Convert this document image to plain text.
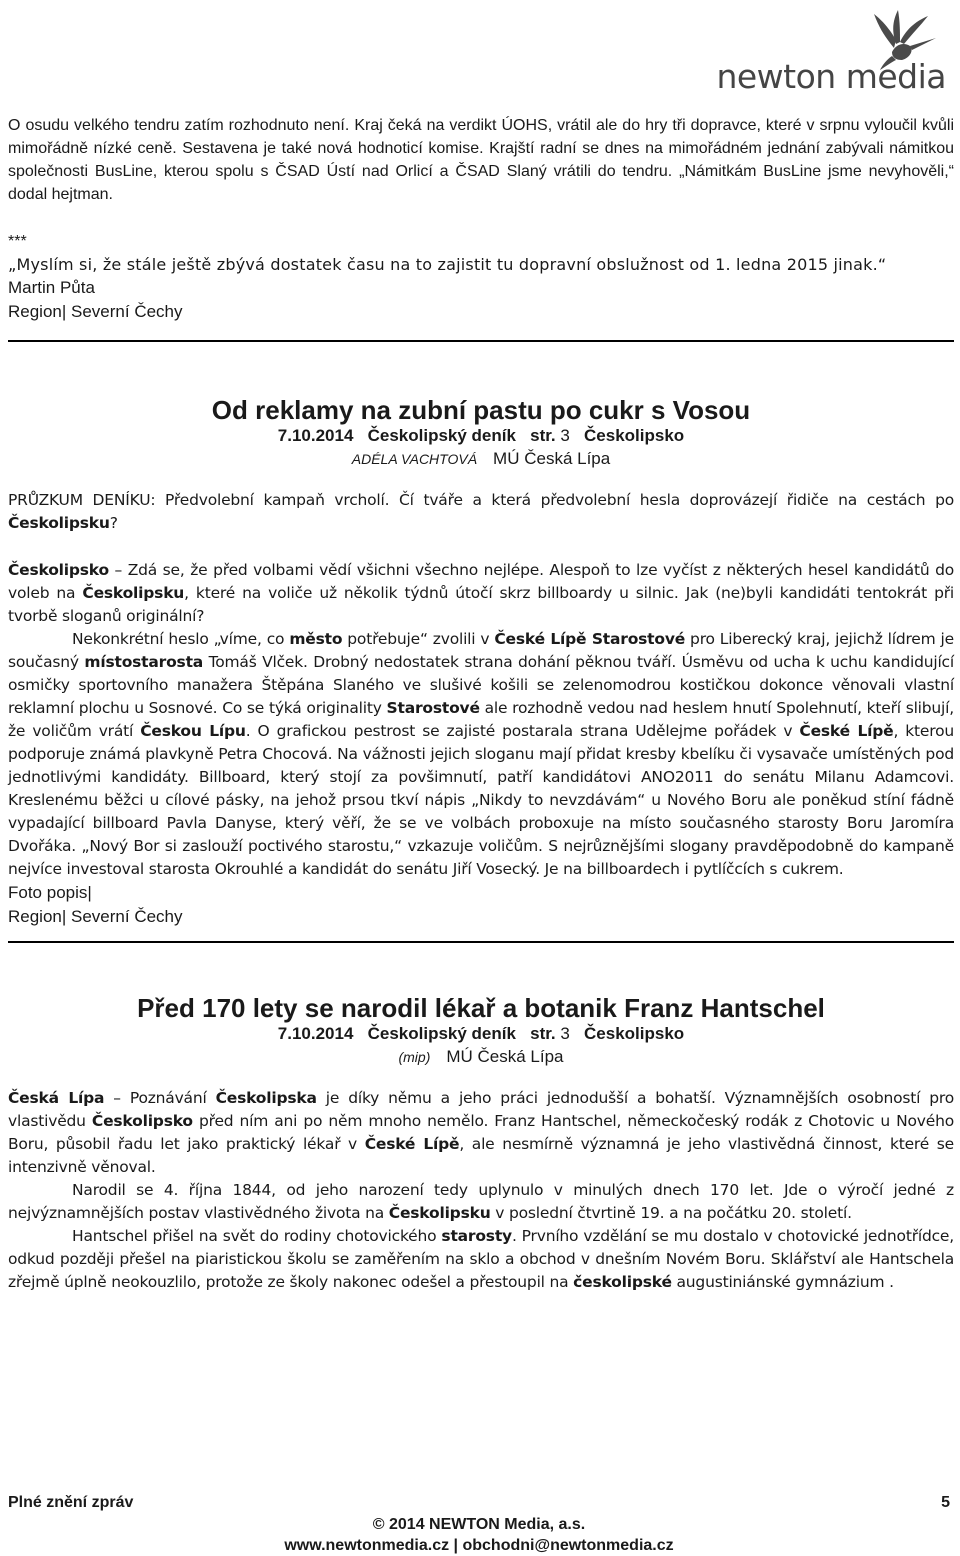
newton media

O osudu velkého tendru zatím rozhodnuto není. Kraj čeká na verdikt ÚOHS, vrátil ale do hry tři dopravce, které v srpnu vyloučil kvůli mimořádně nízké ceně. Sestavena je také nová hodnoticí komise. Krajští radní se dnes na mimořádném jednání zabývali námitkou společnosti BusLine, kterou spolu s ČSAD Ústí nad Orlicí a ČSAD Slaný vrátili do tendru. „Námitkám BusLine jsme nevyhověli,“ dodal hejtman.

***

„Myslím si, že stále ještě zbývá dostatek času na to zajistit tu dopravní obslužnost od 1. ledna 2015 jinak.“

Martin Půta

Region| Severní Čechy

Od reklamy na zubní pastu po cukr s Vosou

7.10.2014 Českolipský deník str. 3 Českolipsko

ADÉLA VACHTOVÁ MÚ Česká Lípa

PRŮZKUM DENÍKU: Předvolební kampaň vrcholí. Čí tváře a která předvolební hesla doprovázejí řidiče na cestách po Českolipsku?

Českolipsko – Zdá se, že před volbami vědí všichni všechno nejlépe. Alespoň to lze vyčíst z některých hesel kandidátů do voleb na Českolipsku, které na voliče už několik týdnů útočí skrz billboardy u silnic. Jak (ne)byli kandidáti tentokrát při tvorbě sloganů originální?

Nekonkrétní heslo „víme, co město potřebuje“ zvolili v České Lípě Starostové pro Liberecký kraj, jejichž lídrem je současný místostarosta Tomáš Vlček. Drobný nedostatek strana dohání pěknou tváří. Úsměvu od ucha k uchu kandidující osmičky sportovního manažera Štěpána Slaného ve slušivé košili se zelenomodrou kostičkou dokonce věnovali vlastní reklamní plochu u Sosnové. Co se týká originality Starostové ale rozhodně vedou nad heslem hnutí Spolehnutí, kteří slibují, že voličům vrátí Českou Lípu. O grafickou pestrost se zajisté postarala strana Udělejme pořádek v České Lípě, kterou podporuje známá plavkyně Petra Chocová. Na vážnosti jejich sloganu mají přidat kresby kbelíku či vysavače umístěných pod jednotlivými kandidáty. Billboard, který stojí za povšimnutí, patří kandidátovi ANO2011 do senátu Milanu Adamcovi. Kreslenému běžci u cílové pásky, na jehož prsou tkví nápis „Nikdy to nevzdávám“ u Nového Boru ale poněkud stíní fádně vypadající billboard Pavla Danyse, který věří, že se ve volbách proboxuje na místo současného starosty Boru Jaromíra Dvořáka. „Nový Bor si zaslouží poctivého starostu,“ vzkazuje voličům. S nejrůznějšími slogany pravděpodobně do kampaně nejvíce investoval starosta Okrouhlé a kandidát do senátu Jiří Vosecký. Je na billboardech i pytlíčcích s cukrem.

Foto popis|

Region| Severní Čechy

Před 170 lety se narodil lékař a botanik Franz Hantschel

7.10.2014 Českolipský deník str. 3 Českolipsko

(mip) MÚ Česká Lípa

Česká Lípa – Poznávání Českolipska je díky němu a jeho práci jednodušší a bohatší. Významnějších osobností pro vlastivědu Českolipsko před ním ani po něm mnoho nemělo. Franz Hantschel, německočeský rodák z Chotovic u Nového Boru, působil řadu let jako praktický lékař v České Lípě, ale nesmírně významná je jeho vlastivědná činnost, které se intenzivně věnoval.

Narodil se 4. října 1844, od jeho narození tedy uplynulo v minulých dnech 170 let. Jde o výročí jedné z nejvýznamnějších postav vlastivědného života na Českolipsku v poslední čtvrtině 19. a na počátku 20. století.

Hantschel přišel na svět do rodiny chotovického starosty. Prvního vzdělání se mu dostalo v chotovické jednotřídce, odkud později přešel na piaristickou školu se zaměřením na sklo a obchod v dnešním Novém Boru. Sklářství ale Hantschela zřejmě úplně neokouzlilo, protože ze školy nakonec odešel a přestoupil na českolipské augustiniánské gymnázium .

Plné znění zpráv	5
© 2014 NEWTON Media, a.s.
www.newtonmedia.cz | obchodni@newtonmedia.cz
